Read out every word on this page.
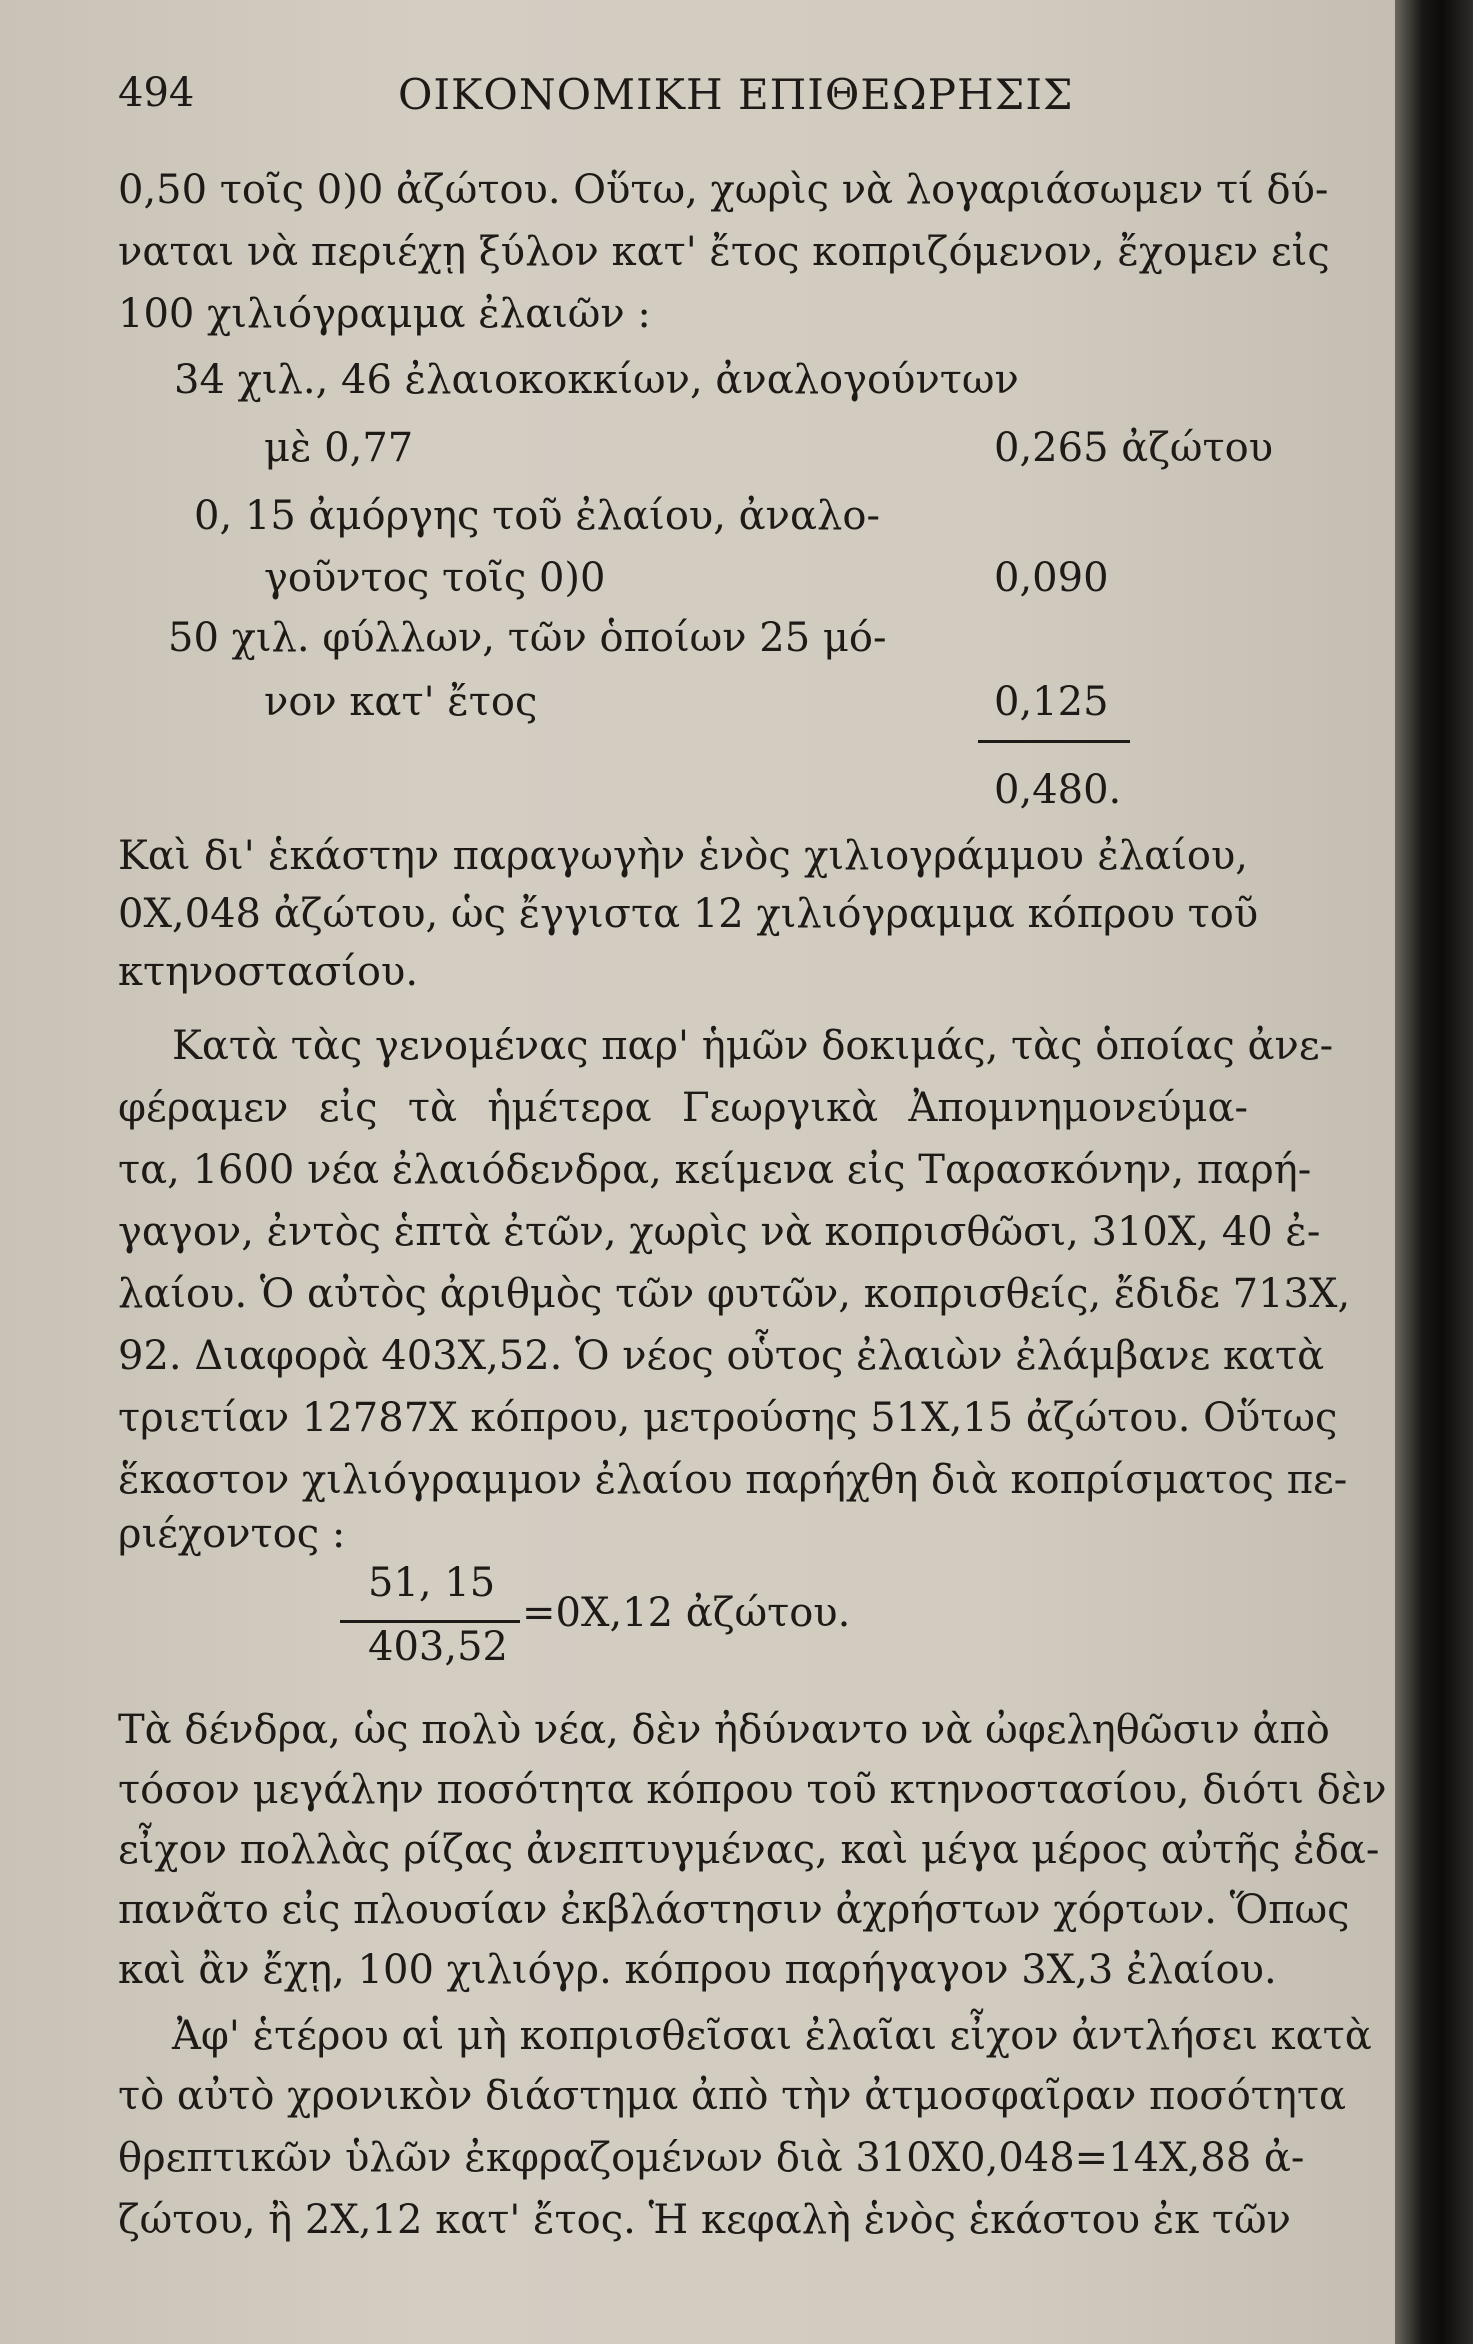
494	ΟΙΚΟΝΟΜΙΚΗ ΕΠΙΘΕΩΡΗΣΙΣ
0,50 τοῖς 0)0 ἀζώτου. Οὕτω, χωρὶς νὰ λογαριάσωμεν τί δύ-
ναται νὰ περιέχῃ ξύλον κατ' ἔτος κοπριζόμενον, ἔχομεν εἰς
100 χιλιόγραμμα ἐλαιῶν :
34 χιλ., 46 ἐλαιοκοκκίων, ἀναλογούντων
μὲ 0,77	0,265 ἀζώτου
0, 15 ἀμόργης τοῦ ἐλαίου, ἀναλο-
γοῦντος τοῖς 0)0	0,090
50 χιλ. φύλλων, τῶν ὁποίων 25 μό-
νον κατ' ἔτος	0,125
0,480.
Καὶ δι' ἑκάστην παραγωγὴν ἑνὸς χιλιογράμμου ἐλαίου,
0Χ,048 ἀζώτου, ὡς ἔγγιστα 12 χιλιόγραμμα κόπρου τοῦ
κτηνοστασίου.
Κατὰ τὰς γενομένας παρ' ἡμῶν δοκιμάς, τὰς ὁποίας ἀνε-
φέραμεν εἰς τὰ ἡμέτερα Γεωργικὰ Ἀπομνημονεύμα-
τα, 1600 νέα ἐλαιόδενδρα, κείμενα εἰς Ταρασκόνην, παρή-
γαγον, ἐντὸς ἑπτὰ ἐτῶν, χωρὶς νὰ κοπρισθῶσι, 310Χ, 40 ἐ-
λαίου. Ὁ αὐτὸς ἀριθμὸς τῶν φυτῶν, κοπρισθείς, ἔδιδε 713Χ,
92. Διαφορὰ 403Χ,52. Ὁ νέος οὗτος ἐλαιὼν ἐλάμβανε κατὰ
τριετίαν 12787Χ κόπρου, μετρούσης 51Χ,15 ἀζώτου. Οὕτως
ἕκαστον χιλιόγραμμον ἐλαίου παρήχθη διὰ κοπρίσματος πε-
ριέχοντος :
51, 15
403,52
=0Χ,12 ἀζώτου.
Τὰ δένδρα, ὡς πολὺ νέα, δὲν ἠδύναντο νὰ ὠφεληθῶσιν ἀπὸ
τόσον μεγάλην ποσότητα κόπρου τοῦ κτηνοστασίου, διότι δὲν
εἶχον πολλὰς ρίζας ἀνεπτυγμένας, καὶ μέγα μέρος αὐτῆς ἐδα-
πανᾶτο εἰς πλουσίαν ἐκβλάστησιν ἀχρήστων χόρτων. Ὅπως
καὶ ἂν ἔχῃ, 100 χιλιόγρ. κόπρου παρήγαγον 3Χ,3 ἐλαίου.
Ἀφ' ἑτέρου αἱ μὴ κοπρισθεῖσαι ἐλαῖαι εἶχον ἀντλήσει κατὰ
τὸ αὐτὸ χρονικὸν διάστημα ἀπὸ τὴν ἀτμοσφαῖραν ποσότητα
θρεπτικῶν ὑλῶν ἐκφραζομένων διὰ 310Χ0,048=14Χ,88 ἀ-
ζώτου, ἢ 2Χ,12 κατ' ἔτος. Ἡ κεφαλὴ ἑνὸς ἑκάστου ἐκ τῶν
